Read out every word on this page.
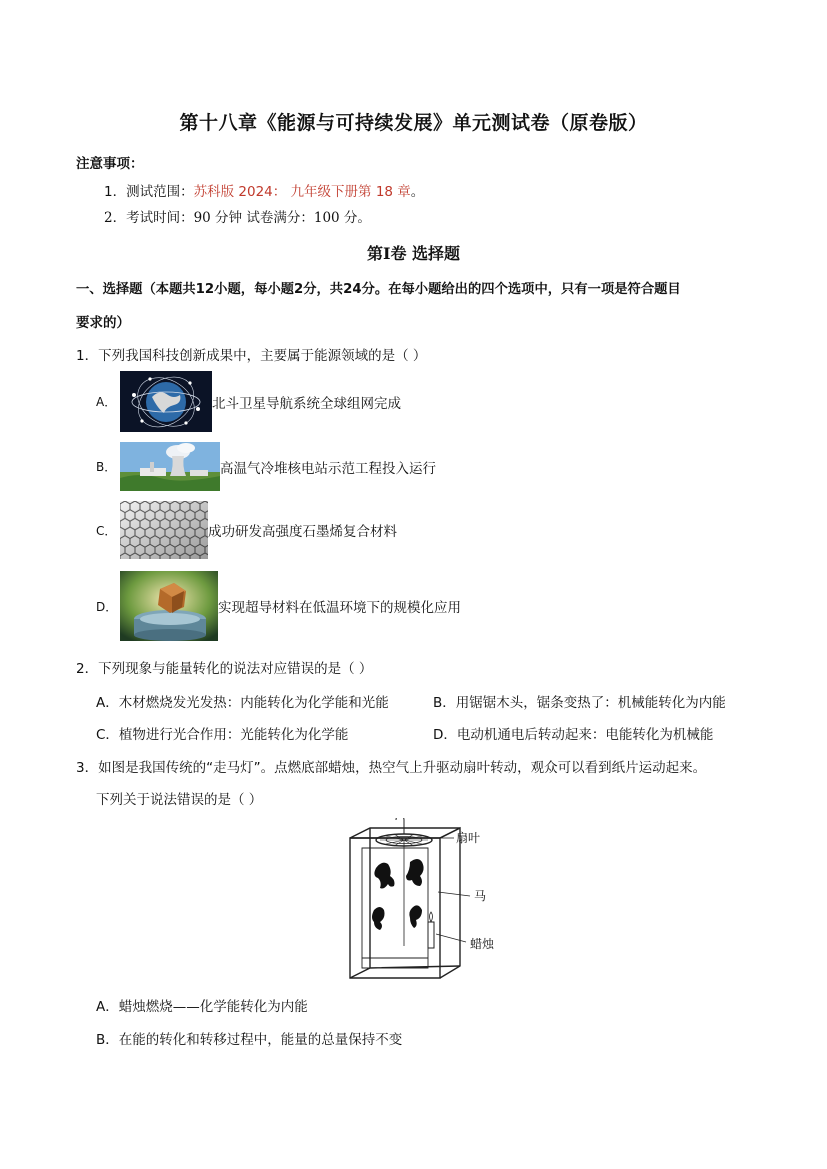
第十八章《能源与可持续发展》单元测试卷（原卷版）
注意事项：
1．测试范围：苏科版 2024： 九年级下册第 18 章。
2．考试时间：90 分钟 试卷满分：100 分。
第Ⅰ卷 选择题
一、选择题（本题共12小题，每小题2分，共24分。在每小题给出的四个选项中，只有一项是符合题目
要求的）
1．下列我国科技创新成果中，主要属于能源领域的是（ ）
A．	北斗卫星导航系统全球组网完成
B．	高温气冷堆核电站示范工程投入运行
C．	成功研发高强度石墨烯复合材料
D．	实现超导材料在低温环境下的规模化应用
2．下列现象与能量转化的说法对应错误的是（ ）
A．木材燃烧发光发热：内能转化为化学能和光能	B．用锯锯木头，锯条变热了：机械能转化为内能
C．植物进行光合作用：光能转化为化学能	D．电动机通电后转动起来：电能转化为机械能
3．如图是我国传统的“走马灯”。点燃底部蜡烛，热空气上升驱动扇叶转动，观众可以看到纸片运动起来。
下列关于说法错误的是（ ）
扇叶
马
蜡烛
A．蜡烛燃烧——化学能转化为内能
B．在能的转化和转移过程中，能量的总量保持不变
